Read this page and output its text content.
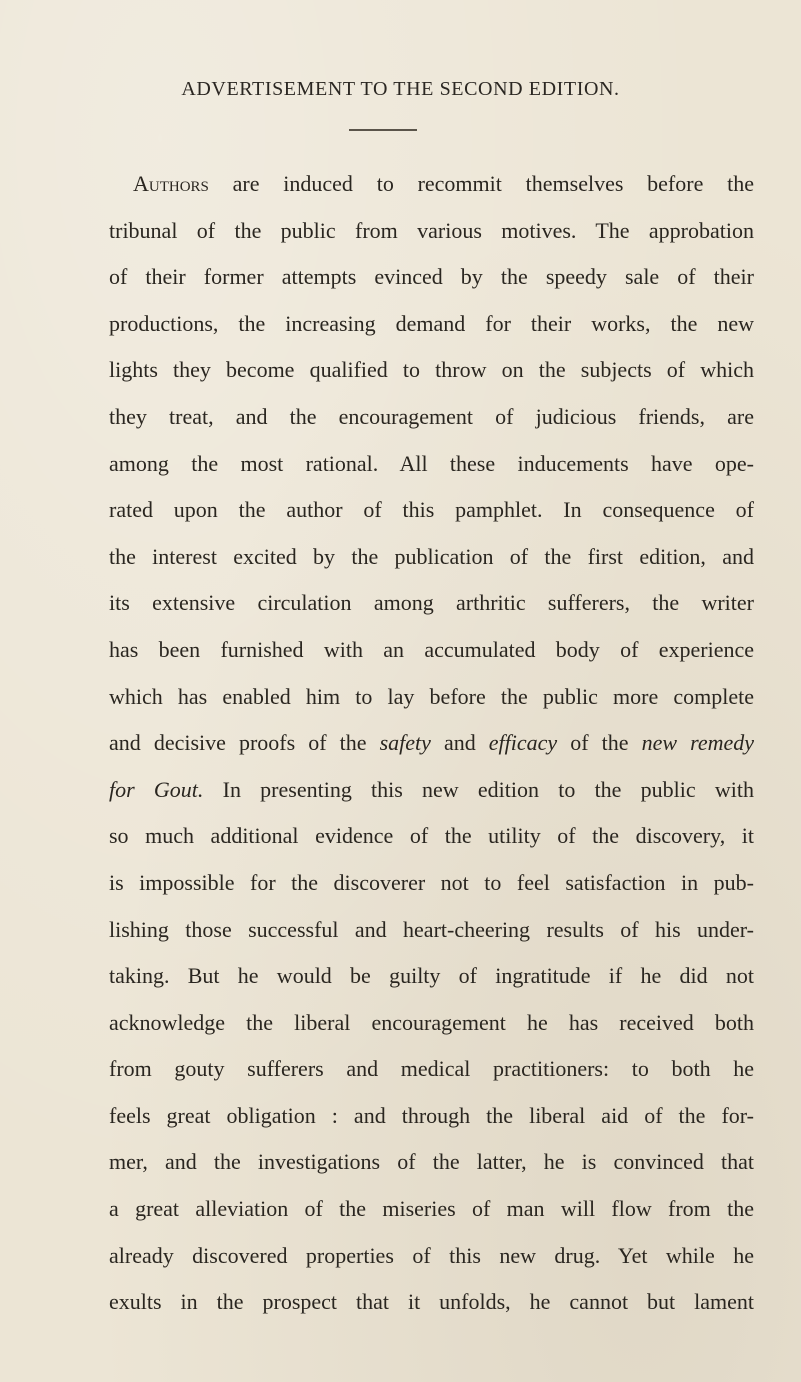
ADVERTISEMENT TO THE SECOND EDITION.
Authors are induced to recommit themselves before the
tribunal of the public from various motives. The approbation
of their former attempts evinced by the speedy sale of their
productions, the increasing demand for their works, the new
lights they become qualified to throw on the subjects of which
they treat, and the encouragement of judicious friends, are
among the most rational. All these inducements have ope-
rated upon the author of this pamphlet. In consequence of
the interest excited by the publication of the first edition, and
its extensive circulation among arthritic sufferers, the writer
has been furnished with an accumulated body of experience
which has enabled him to lay before the public more complete
and decisive proofs of the safety and efficacy of the new remedy
for Gout. In presenting this new edition to the public with
so much additional evidence of the utility of the discovery, it
is impossible for the discoverer not to feel satisfaction in pub-
lishing those successful and heart-cheering results of his under-
taking. But he would be guilty of ingratitude if he did not
acknowledge the liberal encouragement he has received both
from gouty sufferers and medical practitioners: to both he
feels great obligation : and through the liberal aid of the for-
mer, and the investigations of the latter, he is convinced that
a great alleviation of the miseries of man will flow from the
already discovered properties of this new drug. Yet while he
exults in the prospect that it unfolds, he cannot but lament
